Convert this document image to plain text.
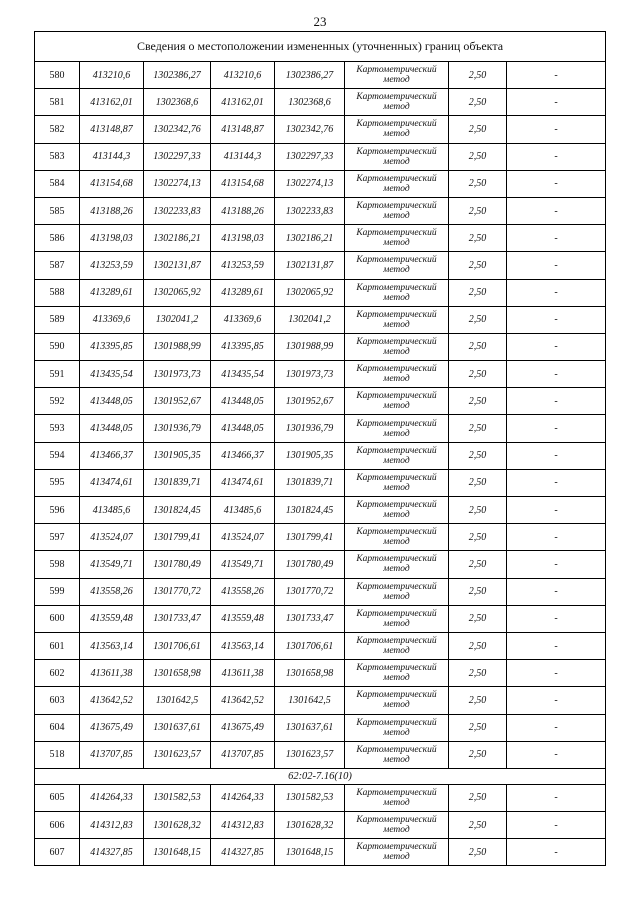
23
Сведения о местоположении измененных (уточненных) границ объекта							
580	413210,6	1302386,27	413210,6	1302386,27	Картометрический
метод	2,50	-
581	413162,01	1302368,6	413162,01	1302368,6	Картометрический
метод	2,50	-
582	413148,87	1302342,76	413148,87	1302342,76	Картометрический
метод	2,50	-
583	413144,3	1302297,33	413144,3	1302297,33	Картометрический
метод	2,50	-
584	413154,68	1302274,13	413154,68	1302274,13	Картометрический
метод	2,50	-
585	413188,26	1302233,83	413188,26	1302233,83	Картометрический
метод	2,50	-
586	413198,03	1302186,21	413198,03	1302186,21	Картометрический
метод	2,50	-
587	413253,59	1302131,87	413253,59	1302131,87	Картометрический
метод	2,50	-
588	413289,61	1302065,92	413289,61	1302065,92	Картометрический
метод	2,50	-
589	413369,6	1302041,2	413369,6	1302041,2	Картометрический
метод	2,50	-
590	413395,85	1301988,99	413395,85	1301988,99	Картометрический
метод	2,50	-
591	413435,54	1301973,73	413435,54	1301973,73	Картометрический
метод	2,50	-
592	413448,05	1301952,67	413448,05	1301952,67	Картометрический
метод	2,50	-
593	413448,05	1301936,79	413448,05	1301936,79	Картометрический
метод	2,50	-
594	413466,37	1301905,35	413466,37	1301905,35	Картометрический
метод	2,50	-
595	413474,61	1301839,71	413474,61	1301839,71	Картометрический
метод	2,50	-
596	413485,6	1301824,45	413485,6	1301824,45	Картометрический
метод	2,50	-
597	413524,07	1301799,41	413524,07	1301799,41	Картометрический
метод	2,50	-
598	413549,71	1301780,49	413549,71	1301780,49	Картометрический
метод	2,50	-
599	413558,26	1301770,72	413558,26	1301770,72	Картометрический
метод	2,50	-
600	413559,48	1301733,47	413559,48	1301733,47	Картометрический
метод	2,50	-
601	413563,14	1301706,61	413563,14	1301706,61	Картометрический
метод	2,50	-
602	413611,38	1301658,98	413611,38	1301658,98	Картометрический
метод	2,50	-
603	413642,52	1301642,5	413642,52	1301642,5	Картометрический
метод	2,50	-
604	413675,49	1301637,61	413675,49	1301637,61	Картометрический
метод	2,50	-
518	413707,85	1301623,57	413707,85	1301623,57	Картометрический
метод	2,50	-
62:02-7.16(10)							
605	414264,33	1301582,53	414264,33	1301582,53	Картометрический
метод	2,50	-
606	414312,83	1301628,32	414312,83	1301628,32	Картометрический
метод	2,50	-
607	414327,85	1301648,15	414327,85	1301648,15	Картометрический
метод	2,50	-
